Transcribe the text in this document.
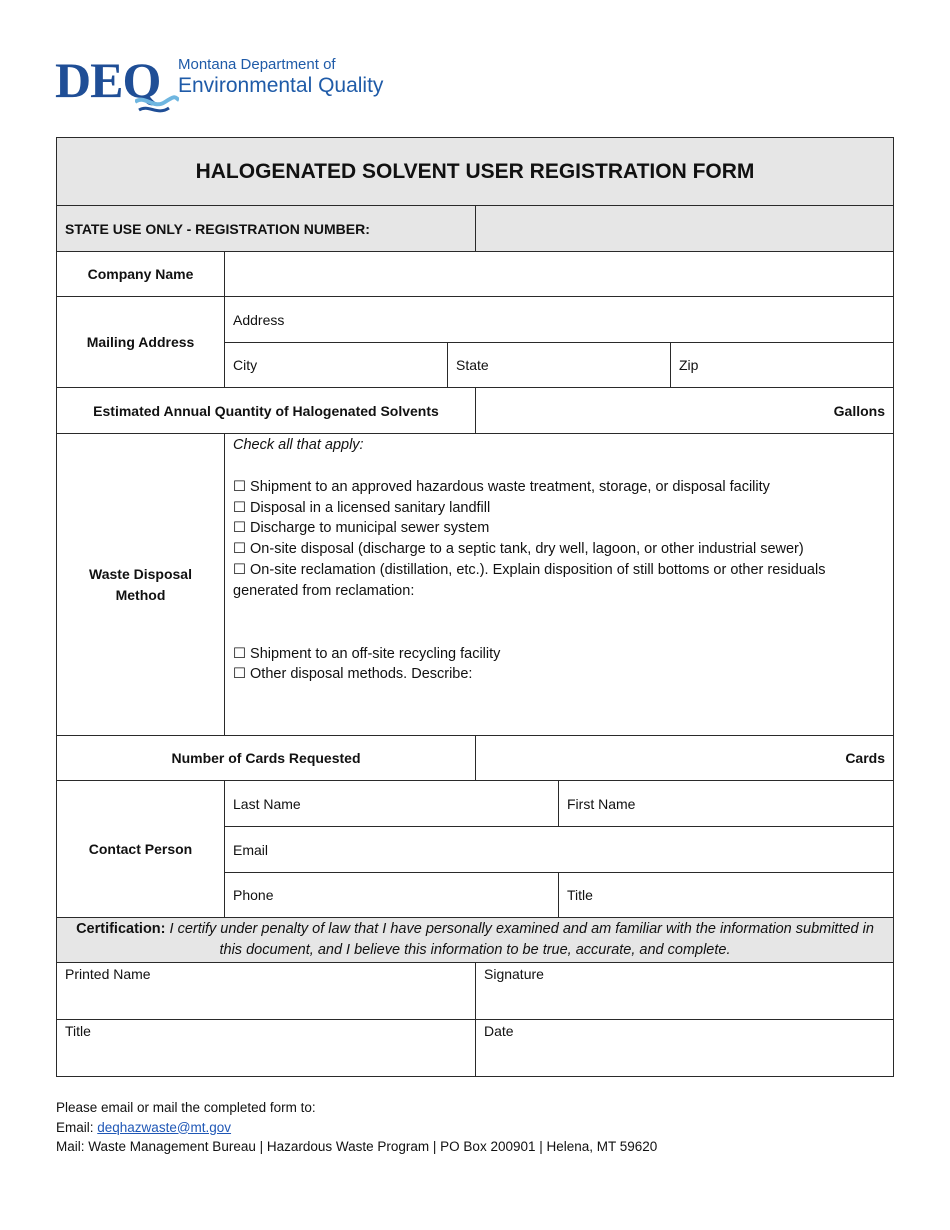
DEQ Montana Department of
Environmental Quality
HALOGENATED SOLVENT USER REGISTRATION FORM
STATE USE ONLY - REGISTRATION NUMBER:
Company Name
Mailing Address
Address
City	State	Zip
Estimated Annual Quantity of Halogenated Solvents	Gallons
Waste Disposal Method
Check all that apply:
☐ Shipment to an approved hazardous waste treatment, storage, or disposal facility
☐ Disposal in a licensed sanitary landfill
☐ Discharge to municipal sewer system
☐ On-site disposal (discharge to a septic tank, dry well, lagoon, or other industrial sewer)
☐ On-site reclamation (distillation, etc.). Explain disposition of still bottoms or other residuals generated from reclamation:
☐ Shipment to an off-site recycling facility
☐ Other disposal methods. Describe:
Number of Cards Requested	Cards
Contact Person
Last Name	First Name
Email
Phone	Title
Certification: I certify under penalty of law that I have personally examined and am familiar with the information submitted in this document, and I believe this information to be true, accurate, and complete.
Printed Name	Signature
Title	Date
Please email or mail the completed form to:
Email: deqhazwaste@mt.gov
Mail: Waste Management Bureau | Hazardous Waste Program | PO Box 200901 | Helena, MT 59620
